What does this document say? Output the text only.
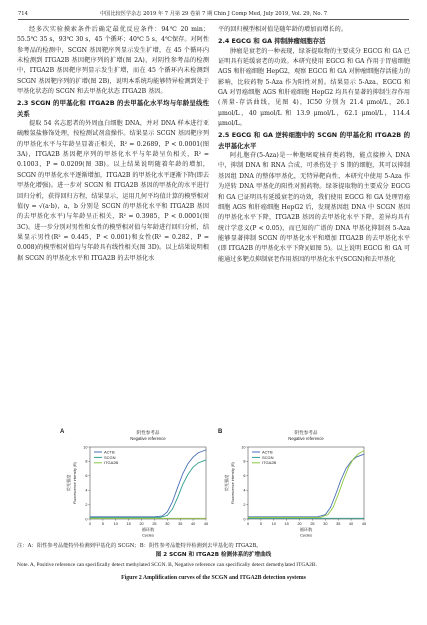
714	中国比较医学杂志 2019 年 7 月第 29 卷第 7 期 Chin J Comp Med, July 2019, Vol. 29, No. 7

经多次实验摸索条件后确定最优反应条件：94℃ 20 min；55.5℃ 35 s，93℃ 30 s，45 个循环；40℃ 5 s，4℃保存。对阿性参考品的检测中，SCGN 基因靶序列显示发生扩增，在 45 个循环内未检测到 ITGA2B 基因靶序列的扩增(图 2A)，对阴性参考品的检测中，ITGA2B 基因靶序列显示发生扩增，而在 45 个循环内未检测到 SCGN 基因靶序列的扩增(图 2B)，说明本系统均能够特异检测到处于甲基化状态的 SCGN 和去甲基化状态 ITGA2B 基因。

2.3 SCGN 的甲基化和 ITGA2B 的去甲基化水平均与年龄呈线性关系

提取 54 名志愿者的外周血白细胞 DNA，并对 DNA 样本进行亚硫酸氢盐修饰处理，按检测试剂盒操作。结果显示 SCGN 基因靶序列的甲基化水平与年龄呈显著正相关，R² = 0.2689，P < 0.0001(图 3A)，ITGA2B 基因靶序列的甲基化水平与年龄呈负相关，R² = 0.1003，P = 0.0209(图 3B)。以上结果说明随着年龄的增加，SCGN 的甲基化水平逐渐增加，ITGA2B 的甲基化水平逐渐下降(即去甲基化增强)。进一步对 SCGN 和 ITGA2B 基因的甲基化的水平进行回归分析，获得回归方程，结果显示，运用几何平均值计算的模型相对值(y = √(a·b)，a，b 分别是 SCGN 的甲基化水平和 ITGA2B 基因的去甲基化水平)与年龄呈正相关，R² = 0.3985，P < 0.0001(图 3C)。进一步分别对男性和女性的模型相对值与年龄进行回归分析，结果显示男性(R² = 0.445，P < 0.001)和女性(R² = 0.282，P = 0.008)的模型相对值均与年龄具有线性相关(图 3D)。以上结果说明根据 SCGN 的甲基化水平和 ITGA2B 的去甲基化水

平的回归模型相对值是随年龄的增加而增长的。

2.4 EGCG 和 GA 抑制肿瘤细胞存活

肿瘤是衰老的一种表现，绿茶提取物的主要成分 EGCG 和 GA 已证明具有延缓衰老的功效。本研究使用 EGCG 和 GA 作用于胃癌细胞 AGS 和肝癌细胞 HepG2，观察 EGCG 和 GA 对肿瘤细胞存活能力的影响，比较药物 5-Aza 作为阳性对照。结果显示 5-Aza，EGCG 和 GA 对胃癌细胞 AGS 和肝癌细胞 HepG2 均具有显著的抑制生存作用(剂量-存活曲线，见图 4)，IC50 分别为 21.4 μmol/L，26.1 μmol/L，40 μmol/L 和 13.9 μmol/L，62.1 μmol/L，114.4 μmol/L。

2.5 EGCG 和 GA 逆转细胞中的 SCGN 的甲基化和 ITGA2B 的去甲基化水平

阿扎胞苷(5-Aza)是一种胞嘧啶核苷类药物，能点接掺入 DNA 中，抑制 DNA 和 RNA 合成，可杀伤处于 S 期的细胞，其可以抑制基因组 DNA 的整体甲基化，无特异靶向性，本研究中使用 5-Aza 作为逆转 DNA 甲基化的阳性对照药物。绿茶提取物的主要成分 EGCG 和 GA 已证明具有延缓衰老的功效，我们使用 EGCG 和 GA 处理胃癌细胞 AGS 和肝癌细胞 HepG2 后，发现基因组 DNA 中 SCGN 基因的甲基化水平下降，ITGA2B 基因的去甲基化水平下降，差异均具有统计学意义(P < 0.05)，而已知的广谱的 DNA 甲基化抑制剂 5-Aza 能够显著抑制 SCGN 的甲基化水平和增加 ITGA2B 的去甲基化水平(即 ITGA2B 的甲基化水平下降)(如图 5)。以上说明 EGCG 和 GA 可能通过多靶点抑制衰老作用基因的甲基化水平(SCGN)和去甲基化

A	阴性参考品
Negative reference
0	5	10 15 20 25 30 35 40 45
0
2
4
6
8
10
循环数
Cycles
荧光强度 Fluorescence intensity (R)
ACTB
SCGN
ITGA2B
B	阴性参考品
Negative reference
0	5	10 15 20 25 30 35 40 45
0
2
4
6
8
10
循环数
Cycles
荧光强度 Fluorescence intensity (R)
ACTB
SCGN
ITGA2B

注：A：阳性参考品能特异检测到甲基化的 SCGN；B：阴性参考品能特异检测到去甲基化的 ITGA2B。

图 2 SCGN 和 ITGA2B 检测体系的扩增曲线

Note. A, Positive reference can specifically detect methylated SCGN. B, Negative reference can specifically detect demethylated ITGA2B.

Figure 2 Amplification curves of the SCGN and ITGA2B detection systems
